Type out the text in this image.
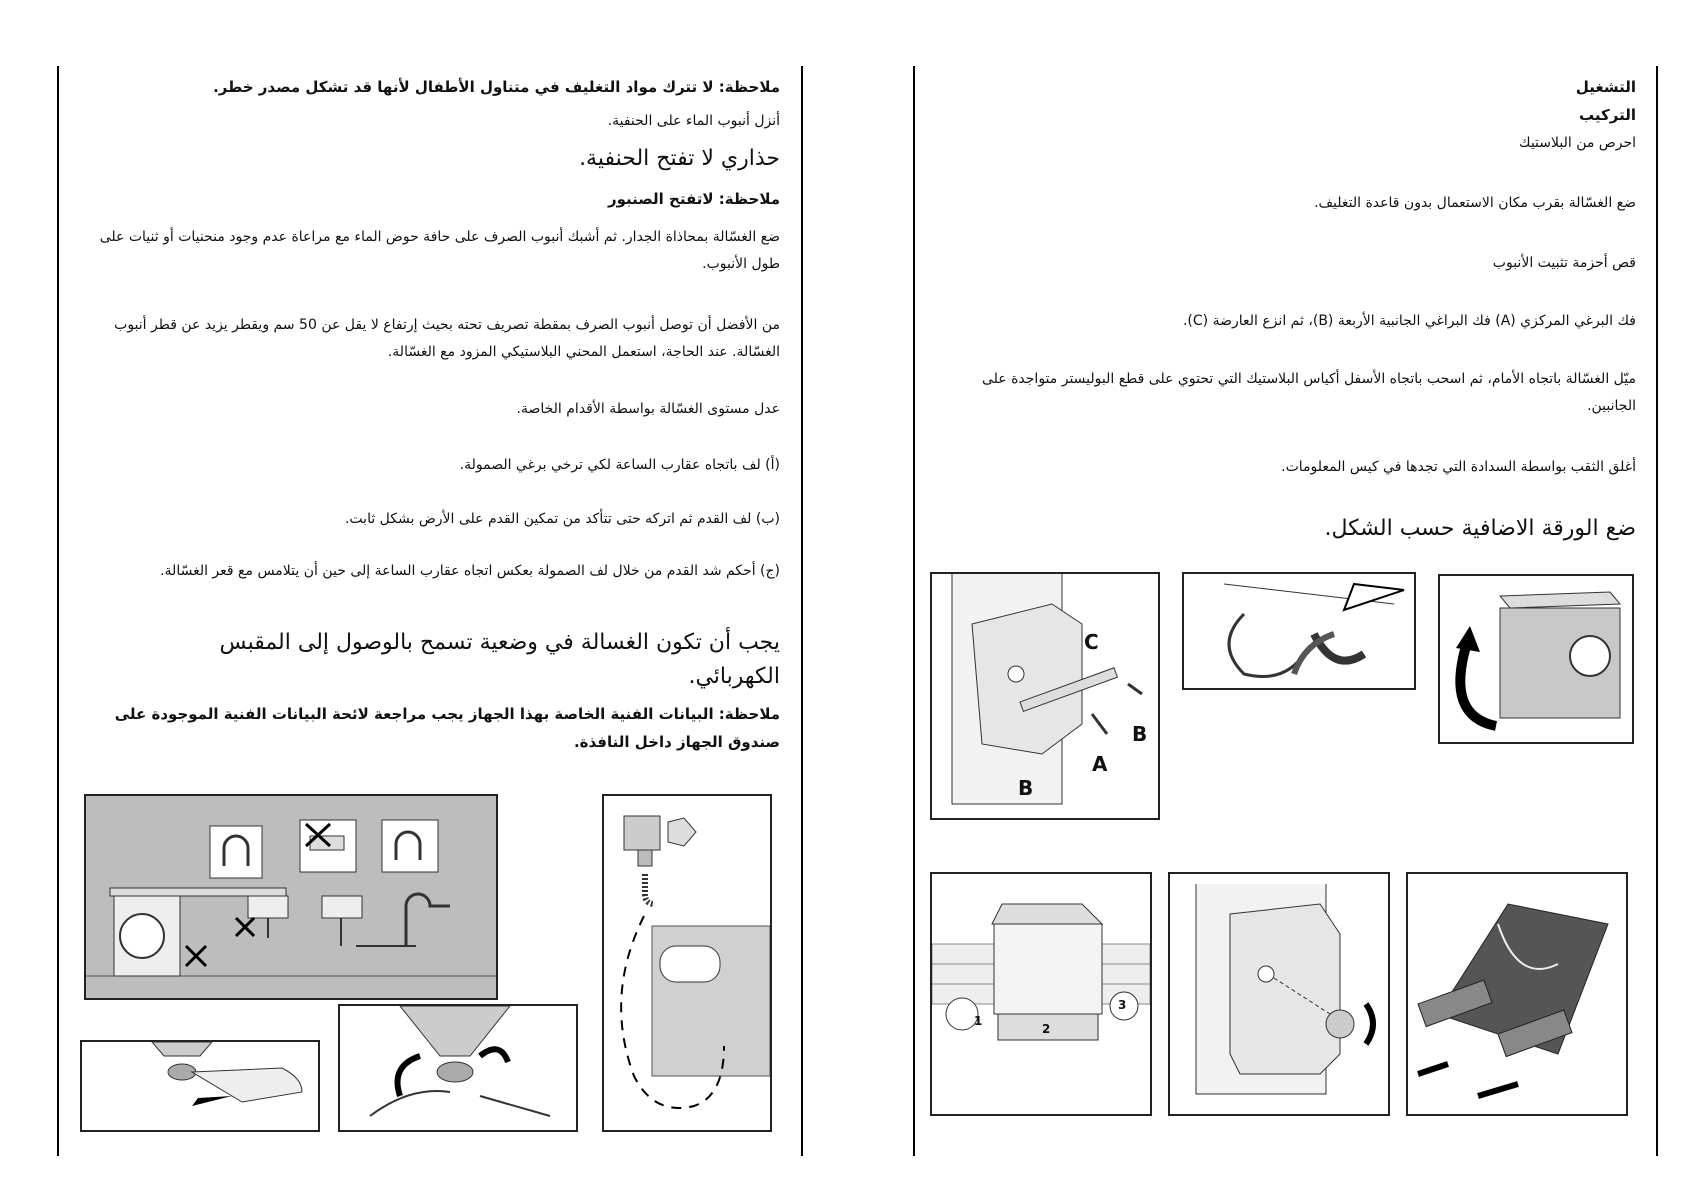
ملاحظة: لا تترك مواد التغليف في متناول الأطفال لأنها قد تشكل مصدر خطر.

أنزل أنبوب الماء على الحنفية.

حذاري لا تفتح الحنفية.

ملاحظة: لاتفتح الصنبور

ضع الغسّالة بمحاذاة الجدار. ثم أشبك أنبوب الصرف على حافة حوض الماء مع مراعاة عدم وجود منحنيات أو ثنيات على طول الأنبوب.

من الأفضل أن توصل أنبوب الصرف بمقطة تصريف تحته بحيث إرتفاع لا يقل عن 50 سم ويقطر يزيد عن قطر أنبوب الغسّالة. عند الحاجة، استعمل المحني البلاستيكي المزود مع الغسّالة.

عدل مستوى الغسّالة بواسطة الأقدام الخاصة.

(أ) لف باتجاه عقارب الساعة لكي ترخي برغي الصمولة.

(ب) لف القدم ثم اتركه حتى تتأكد من تمكين القدم على الأرض بشكل ثابت.

(ج) أحكم شد القدم من خلال لف الصمولة بعكس اتجاه عقارب الساعة إلى حين أن يتلامس مع قعر الغسّالة.

يجب أن تكون الغسالة في وضعية تسمح بالوصول إلى المقبس الكهربائي.

ملاحظة: البيانات الفنية الخاصة بهذا الجهاز يجب مراجعة لائحة البيانات الفنية الموجودة على صندوق الجهاز داخل النافذة.

التشغيل

التركيب

احرص من البلاستيك

ضع الغسّالة بقرب مكان الاستعمال بدون قاعدة التغليف.

قص أحزمة تثبيت الأنبوب

فك البرغي المركزي (A) فك البراغي الجانبية الأربعة (B)، ثم انزع العارضة (C).

ميّل الغسّالة باتجاه الأمام، ثم اسحب باتجاه الأسفل أكياس البلاستيك التي تحتوي على قطع البوليستر متواجدة على الجانبين.

أغلق الثقب بواسطة السدادة التي تجدها في كيس المعلومات.

ضع الورقة الاضافية حسب الشكل.

C
B
A
B
1
2
3
